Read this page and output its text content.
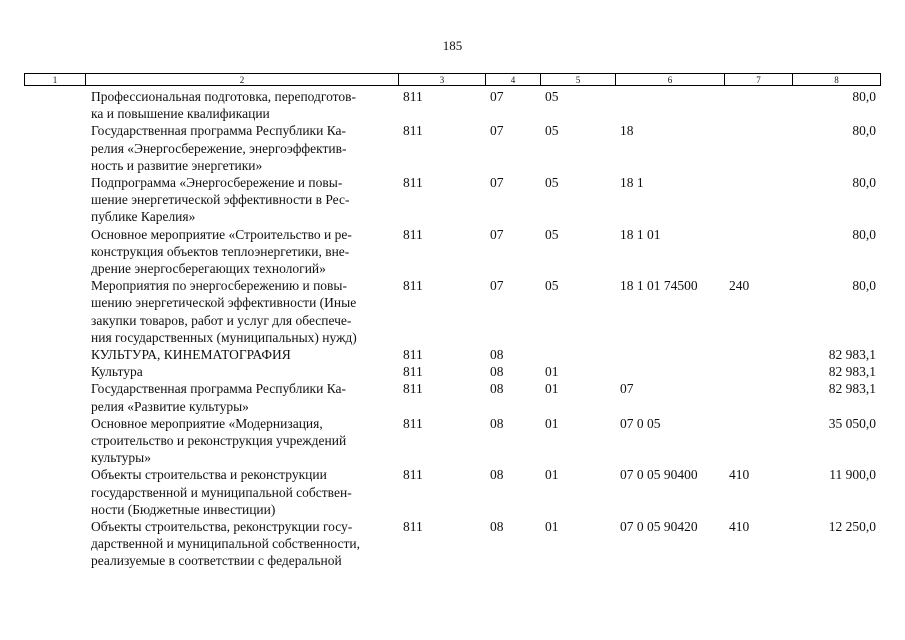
185
1	2	3	4	5	6	7	8

	Профессиональная подготовка, переподготов-
ка и повышение квалификации	811	07	05			80,0

	Государственная программа Республики Ка-
релия «Энергосбережение, энергоэффектив-
ность и развитие энергетики»	811	07	05	18		80,0

	Подпрограмма «Энергосбережение и повы-
шение энергетической эффективности в Рес-
публике Карелия»	811	07	05	18 1		80,0

	Основное мероприятие «Строительство и ре-
конструкция объектов теплоэнергетики, вне-
дрение энергосберегающих технологий»	811	07	05	18 1 01		80,0

	Мероприятия по энергосбережению и повы-
шению энергетической эффективности (Иные
закупки товаров, работ и услуг для обеспече-
ния государственных (муниципальных) нужд)	811	07	05	18 1 01 74500	240	80,0

	КУЛЬТУРА, КИНЕМАТОГРАФИЯ	811	08				82 983,1

	Культура	811	08	01			82 983,1

	Государственная программа Республики Ка-
релия «Развитие культуры»	811	08	01	07		82 983,1

	Основное мероприятие «Модернизация,
строительство и реконструкция учреждений
культуры»	811	08	01	07 0 05		35 050,0

	Объекты строительства и реконструкции
государственной и муниципальной собствен-
ности (Бюджетные инвестиции)	811	08	01	07 0 05 90400	410	11 900,0

	Объекты строительства, реконструкции госу-
дарственной и муниципальной собственности,
реализуемые в соответствии с федеральной	811	08	01	07 0 05 90420	410	12 250,0
